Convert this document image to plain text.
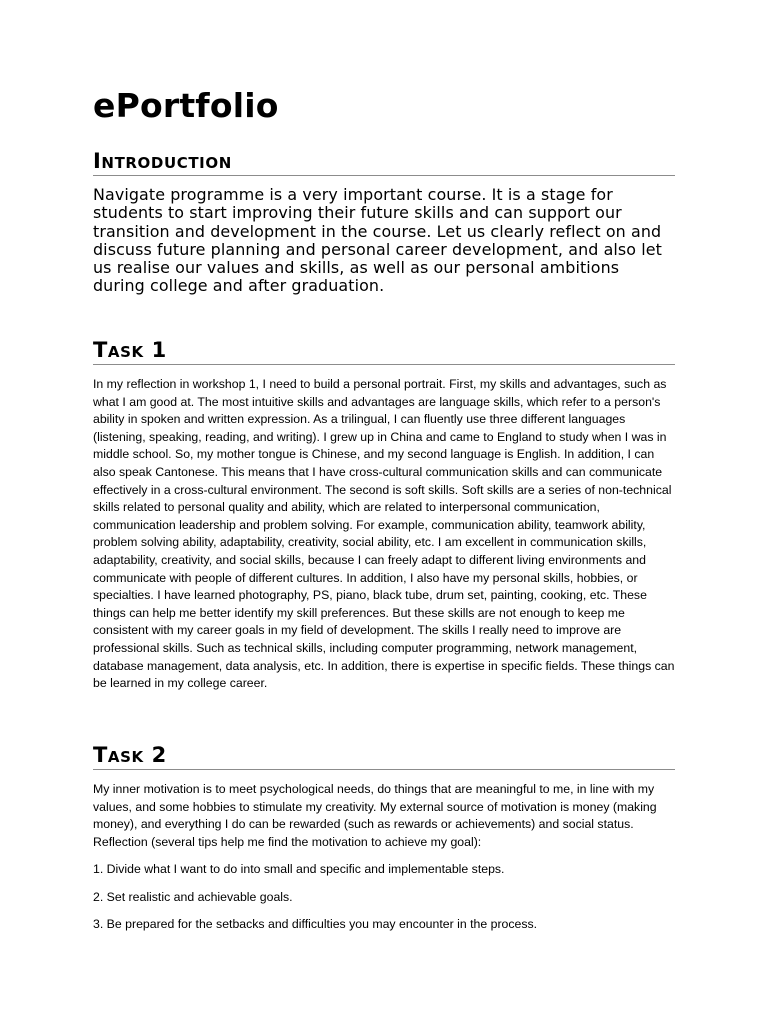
ePortfolio
Introduction

Navigate programme is a very important course. It is a stage for students to start improving their future skills and can support our transition and development in the course. Let us clearly reflect on and discuss future planning and personal career development, and also let us realise our values and skills, as well as our personal ambitions during college and after graduation.

Task 1

In my reflection in workshop 1, I need to build a personal portrait. First, my skills and advantages, such as what I am good at. The most intuitive skills and advantages are language skills, which refer to a person's ability in spoken and written expression. As a trilingual, I can fluently use three different languages (listening, speaking, reading, and writing). I grew up in China and came to England to study when I was in middle school. So, my mother tongue is Chinese, and my second language is English. In addition, I can also speak Cantonese. This means that I have cross-cultural communication skills and can communicate effectively in a cross-cultural environment. The second is soft skills. Soft skills are a series of non-technical skills related to personal quality and ability, which are related to interpersonal communication, communication leadership and problem solving. For example, communication ability, teamwork ability, problem solving ability, adaptability, creativity, social ability, etc. I am excellent in communication skills, adaptability, creativity, and social skills, because I can freely adapt to different living environments and communicate with people of different cultures. In addition, I also have my personal skills, hobbies, or specialties. I have learned photography, PS, piano, black tube, drum set, painting, cooking, etc. These things can help me better identify my skill preferences. But these skills are not enough to keep me consistent with my career goals in my field of development. The skills I really need to improve are professional skills. Such as technical skills, including computer programming, network management, database management, data analysis, etc. In addition, there is expertise in specific fields. These things can be learned in my college career.

Task 2

My inner motivation is to meet psychological needs, do things that are meaningful to me, in line with my values, and some hobbies to stimulate my creativity. My external source of motivation is money (making money), and everything I do can be rewarded (such as rewards or achievements) and social status. Reflection (several tips help me find the motivation to achieve my goal):

1. Divide what I want to do into small and specific and implementable steps.

2. Set realistic and achievable goals.

3. Be prepared for the setbacks and difficulties you may encounter in the process.
